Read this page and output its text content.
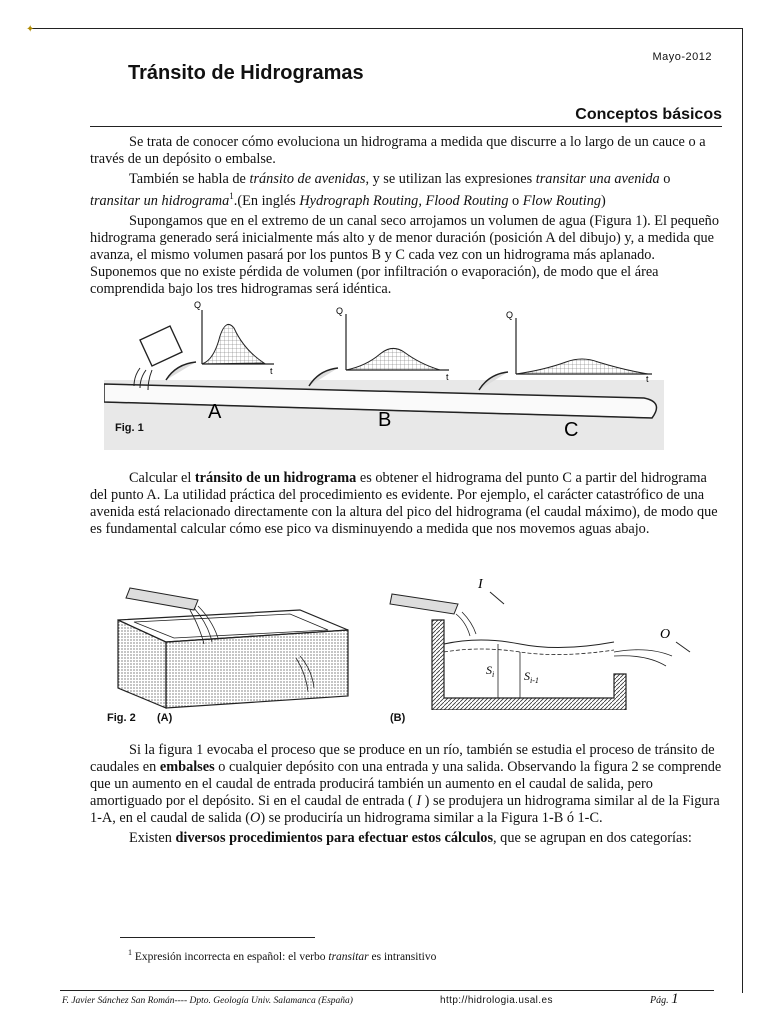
✦
Mayo-2012
Tránsito de Hidrogramas
Conceptos básicos

Se trata de conocer cómo evoluciona un hidrograma a medida que discurre a lo largo de un cauce o a través de un depósito o embalse.

También se habla de tránsito de avenidas, y se utilizan las expresiones transitar una avenida o transitar un hidrograma$^1$.(En inglés Hydrograph Routing, Flood Routing o Flow Routing)

Supongamos que en el extremo de un canal seco arrojamos un volumen de agua (Figura 1). El pequeño hidrograma generado será inicialmente más alto y de menor duración (posición A del dibujo) y, a medida que avanza, el mismo volumen pasará por los puntos B y C cada vez con un hidrograma más aplanado. Suponemos que no existe pérdida de volumen (por infiltración o evaporación), de modo que el área comprendida bajo los tres hidrogramas será idéntica.

Q
t
Q
t
Q
t
A	B	C
Fig. 1

Calcular el tránsito de un hidrograma es obtener el hidrograma del punto C a partir del hidrograma del punto A. La utilidad práctica del procedimiento es evidente. Por ejemplo, el carácter catastrófico de una avenida está relacionado directamente con la altura del pico del hidrograma (el caudal máximo), de modo que es fundamental calcular cómo ese pico va disminuyendo a medida que nos movemos aguas abajo.

I
O
$S_i$ $S_{i-1}$
Fig. 2 (A)	(B)

Si la figura 1 evocaba el proceso que se produce en un río, también se estudia el proceso de tránsito de caudales en embalses o cualquier depósito con una entrada y una salida. Observando la figura 2 se comprende que un aumento en el caudal de entrada producirá también un aumento en el caudal de salida, pero amortiguado por el depósito. Si en el caudal de entrada ( I ) se produjera un hidrograma similar al de la Figura 1-A, en el caudal de salida (O) se produciría un hidrograma similar a la Figura 1-B ó 1-C.

Existen diversos procedimientos para efectuar estos cálculos, que se agrupan en dos categorías:

$^1$ Expresión incorrecta en español: el verbo transitar es intransitivo
F. Javier Sánchez San Román---- Dpto. Geología Univ. Salamanca (España)	http://hidrologia.usal.es	Pág. 1
